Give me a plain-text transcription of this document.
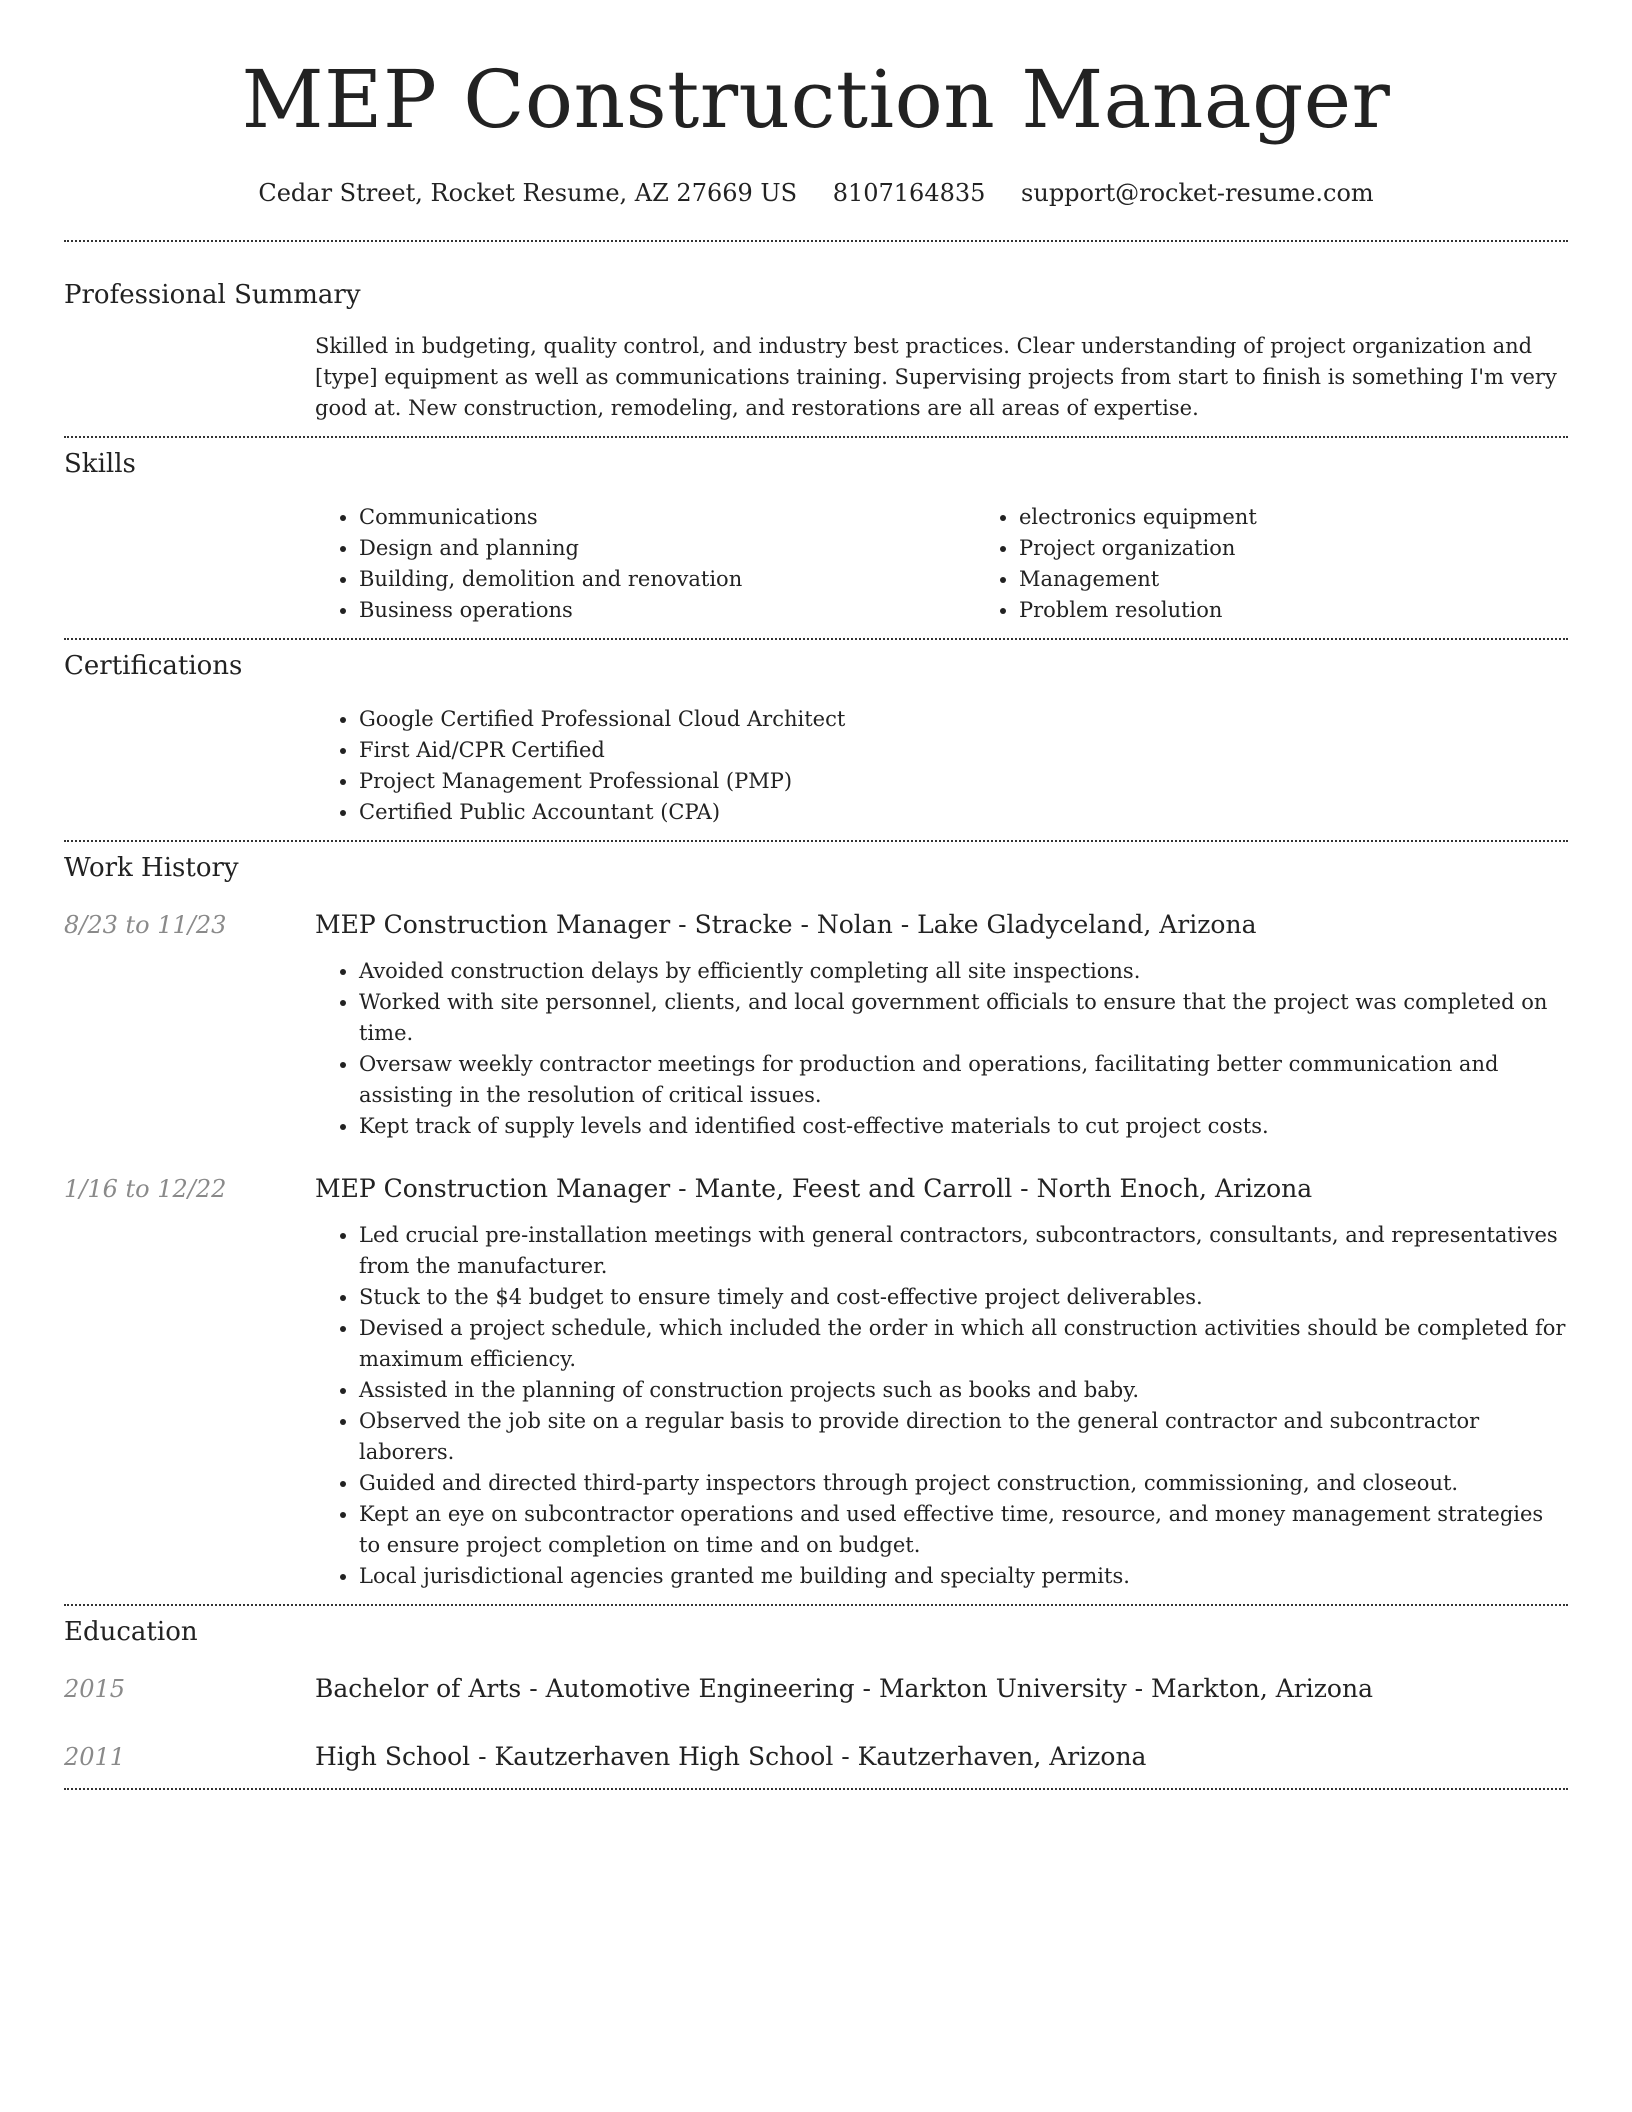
MEP Construction Manager
Cedar Street, Rocket Resume, AZ 27669 US 8107164835 support@rocket-resume.com
Professional Summary
Skilled in budgeting, quality control, and industry best practices. Clear understanding of project organization and [type] equipment as well as communications training. Supervising projects from start to finish is something I'm very good at. New construction, remodeling, and restorations are all areas of expertise.
Skills
• Communications
• Design and planning
• Building, demolition and renovation
• Business operations
• electronics equipment
• Project organization
• Management
• Problem resolution
Certifications
• Google Certified Professional Cloud Architect
• First Aid/CPR Certified
• Project Management Professional (PMP)
• Certified Public Accountant (CPA)
Work History
8/23 to 11/23	MEP Construction Manager - Stracke - Nolan - Lake Gladyceland, Arizona
• Avoided construction delays by efficiently completing all site inspections.
• Worked with site personnel, clients, and local government officials to ensure that the project was completed on time.
• Oversaw weekly contractor meetings for production and operations, facilitating better communication and assisting in the resolution of critical issues.
• Kept track of supply levels and identified cost-effective materials to cut project costs.
1/16 to 12/22	MEP Construction Manager - Mante, Feest and Carroll - North Enoch, Arizona
• Led crucial pre-installation meetings with general contractors, subcontractors, consultants, and representatives from the manufacturer.
• Stuck to the $4 budget to ensure timely and cost-effective project deliverables.
• Devised a project schedule, which included the order in which all construction activities should be completed for maximum efficiency.
• Assisted in the planning of construction projects such as books and baby.
• Observed the job site on a regular basis to provide direction to the general contractor and subcontractor laborers.
• Guided and directed third-party inspectors through project construction, commissioning, and closeout.
• Kept an eye on subcontractor operations and used effective time, resource, and money management strategies to ensure project completion on time and on budget.
• Local jurisdictional agencies granted me building and specialty permits.
Education
2015	Bachelor of Arts - Automotive Engineering - Markton University - Markton, Arizona
2011	High School - Kautzerhaven High School - Kautzerhaven, Arizona
